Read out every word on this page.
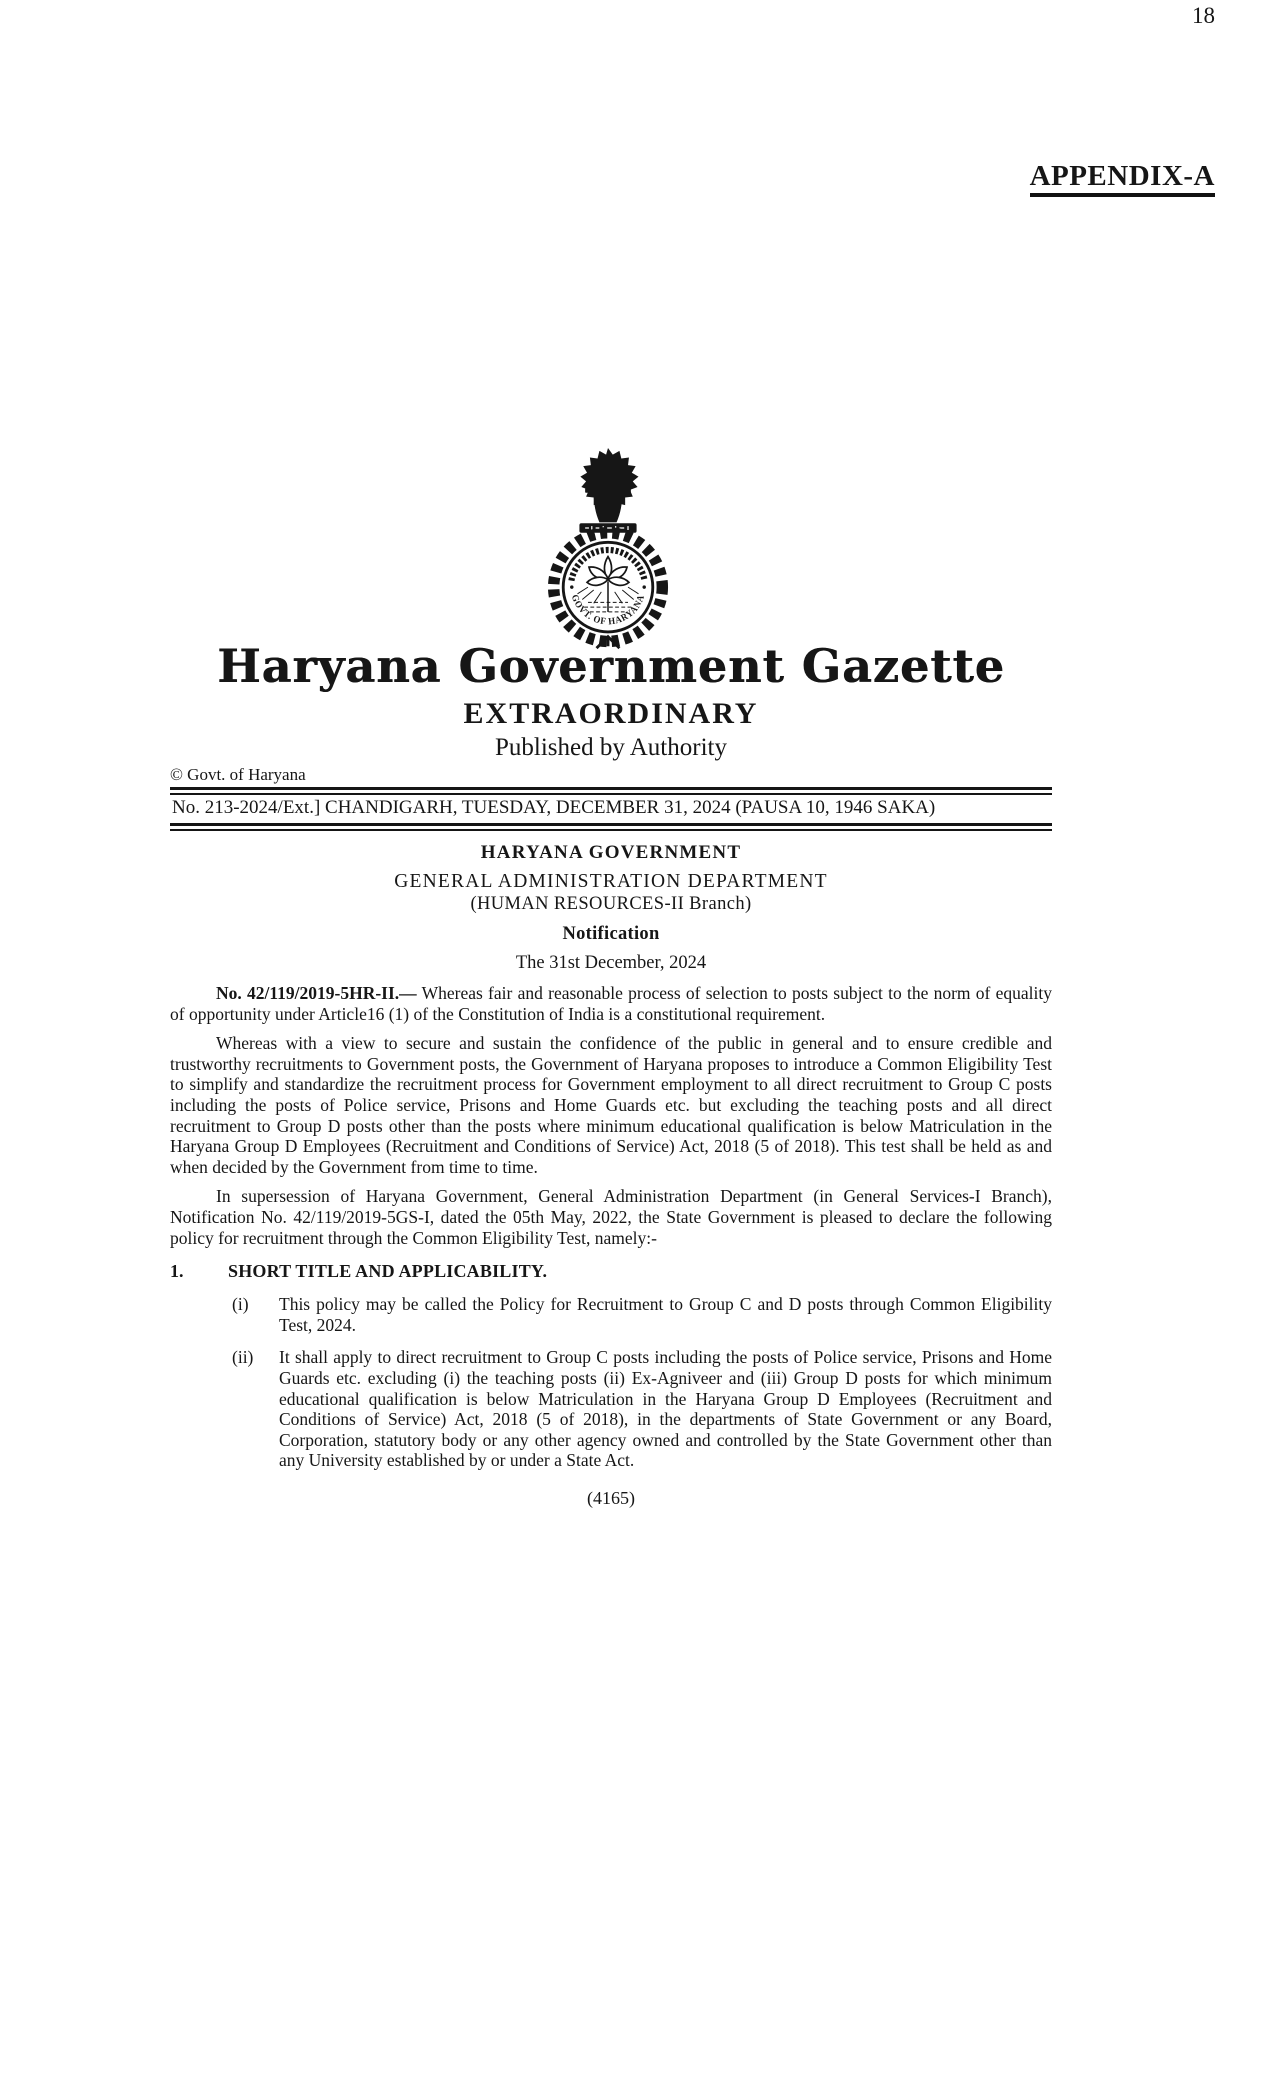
18
APPENDIX-A
GOVT. OF HARYANA
Haryana Government Gazette
EXTRAORDINARY
Published by Authority
© Govt. of Haryana
No. 213-2024/Ext.] CHANDIGARH, TUESDAY, DECEMBER 31, 2024 (PAUSA 10, 1946 SAKA)
HARYANA GOVERNMENT
GENERAL ADMINISTRATION DEPARTMENT
(HUMAN RESOURCES-II Branch)
Notification
The 31st December, 2024

No. 42/119/2019-5HR-II.— Whereas fair and reasonable process of selection to posts subject to the norm of equality of opportunity under Article16 (1) of the Constitution of India is a constitutional requirement.

Whereas with a view to secure and sustain the confidence of the public in general and to ensure credible and trustworthy recruitments to Government posts, the Government of Haryana proposes to introduce a Common Eligibility Test to simplify and standardize the recruitment process for Government employment to all direct recruitment to Group C posts including the posts of Police service, Prisons and Home Guards etc. but excluding the teaching posts and all direct recruitment to Group D posts other than the posts where minimum educational qualification is below Matriculation in the Haryana Group D Employees (Recruitment and Conditions of Service) Act, 2018 (5 of 2018). This test shall be held as and when decided by the Government from time to time.

In supersession of Haryana Government, General Administration Department (in General Services-I Branch), Notification No. 42/119/2019-5GS-I, dated the 05th May, 2022, the State Government is pleased to declare the following policy for recruitment through the Common Eligibility Test, namely:-

1.	SHORT TITLE AND APPLICABILITY.
(i)	This policy may be called the Policy for Recruitment to Group C and D posts through Common Eligibility Test, 2024.
(ii)	It shall apply to direct recruitment to Group C posts including the posts of Police service, Prisons and Home Guards etc. excluding (i) the teaching posts (ii) Ex-Agniveer and (iii) Group D posts for which minimum educational qualification is below Matriculation in the Haryana Group D Employees (Recruitment and Conditions of Service) Act, 2018 (5 of 2018), in the departments of State Government or any Board, Corporation, statutory body or any other agency owned and controlled by the State Government other than any University established by or under a State Act.
(4165)
